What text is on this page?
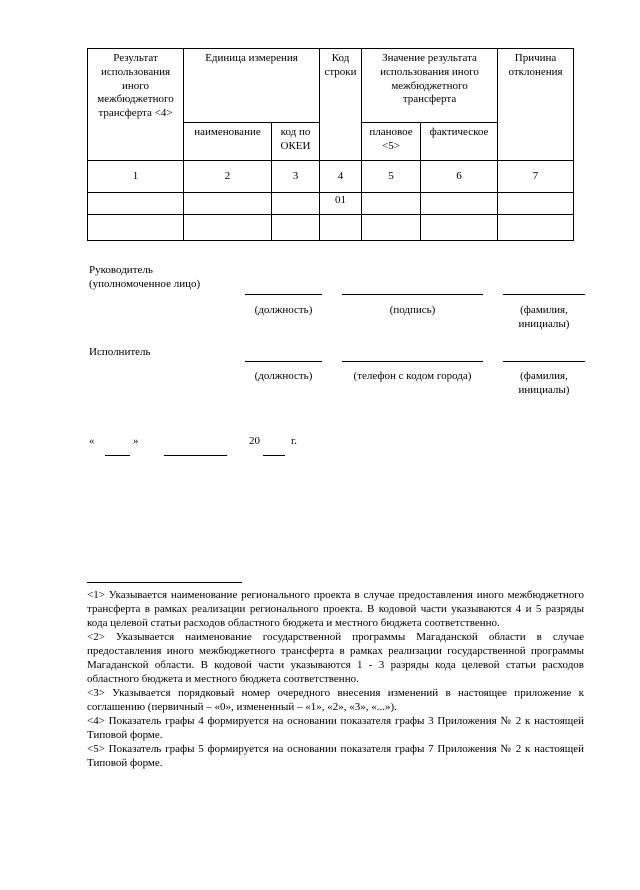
Результат использования иного межбюджетного трансферта <4>	Единица измерения		Код строки	Значение результата использования иного межбюджетного трансферта		Причина отклонения
	наименование	код по ОКЕИ		плановое <5>	фактическое	
1	2	3	4	5	6	7
			01			

Руководитель (уполномоченное лицо)
(должность)	(подпись)	(фамилия, инициалы)
Исполнитель
(должность)	(телефон с кодом города)	(фамилия, инициалы)
«	»	20	г.

<1> Указывается наименование регионального проекта в случае предоставления иного межбюджетного трансферта в рамках реализации регионального проекта. В кодовой части указываются 4 и 5 разряды кода целевой статьи расходов областного бюджета и местного бюджета соответственно.

<2> Указывается наименование государственной программы Магаданской области в случае предоставления иного межбюджетного трансферта в рамках реализации государственной программы Магаданской области. В кодовой части указываются 1 - 3 разряды кода целевой статьи расходов областного бюджета и местного бюджета соответственно.

<3> Указывается порядковый номер очередного внесения изменений в настоящее приложение к соглашению (первичный – «0», измененный – «1», «2», «3», «...»).

<4> Показатель графы 4 формируется на основании показателя графы 3 Приложения № 2 к настоящей Типовой форме.

<5> Показатель графы 5 формируется на основании показателя графы 7 Приложения № 2 к настоящей Типовой форме.
